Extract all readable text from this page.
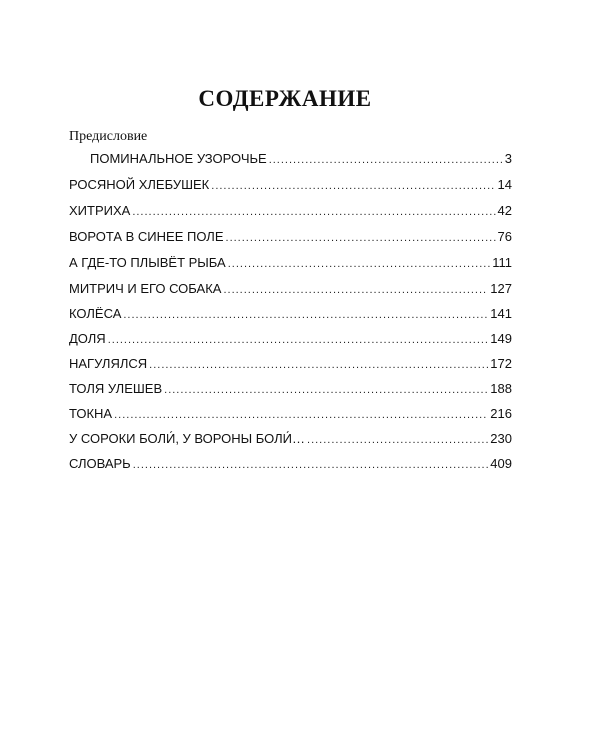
СОДЕРЖАНИЕ
Предисловие
ПОМИНАЛЬНОЕ УЗОРОЧЬЕ .....	3
РОСЯНОЙ ХЛЕБУШЕК .....	14
ХИТРИХА .....	42
ВОРОТА В СИНЕЕ ПОЛЕ .....	76
А ГДЕ-ТО ПЛЫВЁТ РЫБА .....	111
МИТРИЧ И ЕГО СОБАКА .....	127
КОЛЁСА .....	141
ДОЛЯ .....	149
НАГУЛЯЛСЯ .....	172
ТОЛЯ УЛЕШЕВ .....	188
ТОКНА .....	216
У СОРОКИ БОЛИ́, У ВОРОНЫ БОЛИ́… .....	230
СЛОВАРЬ .....	409
